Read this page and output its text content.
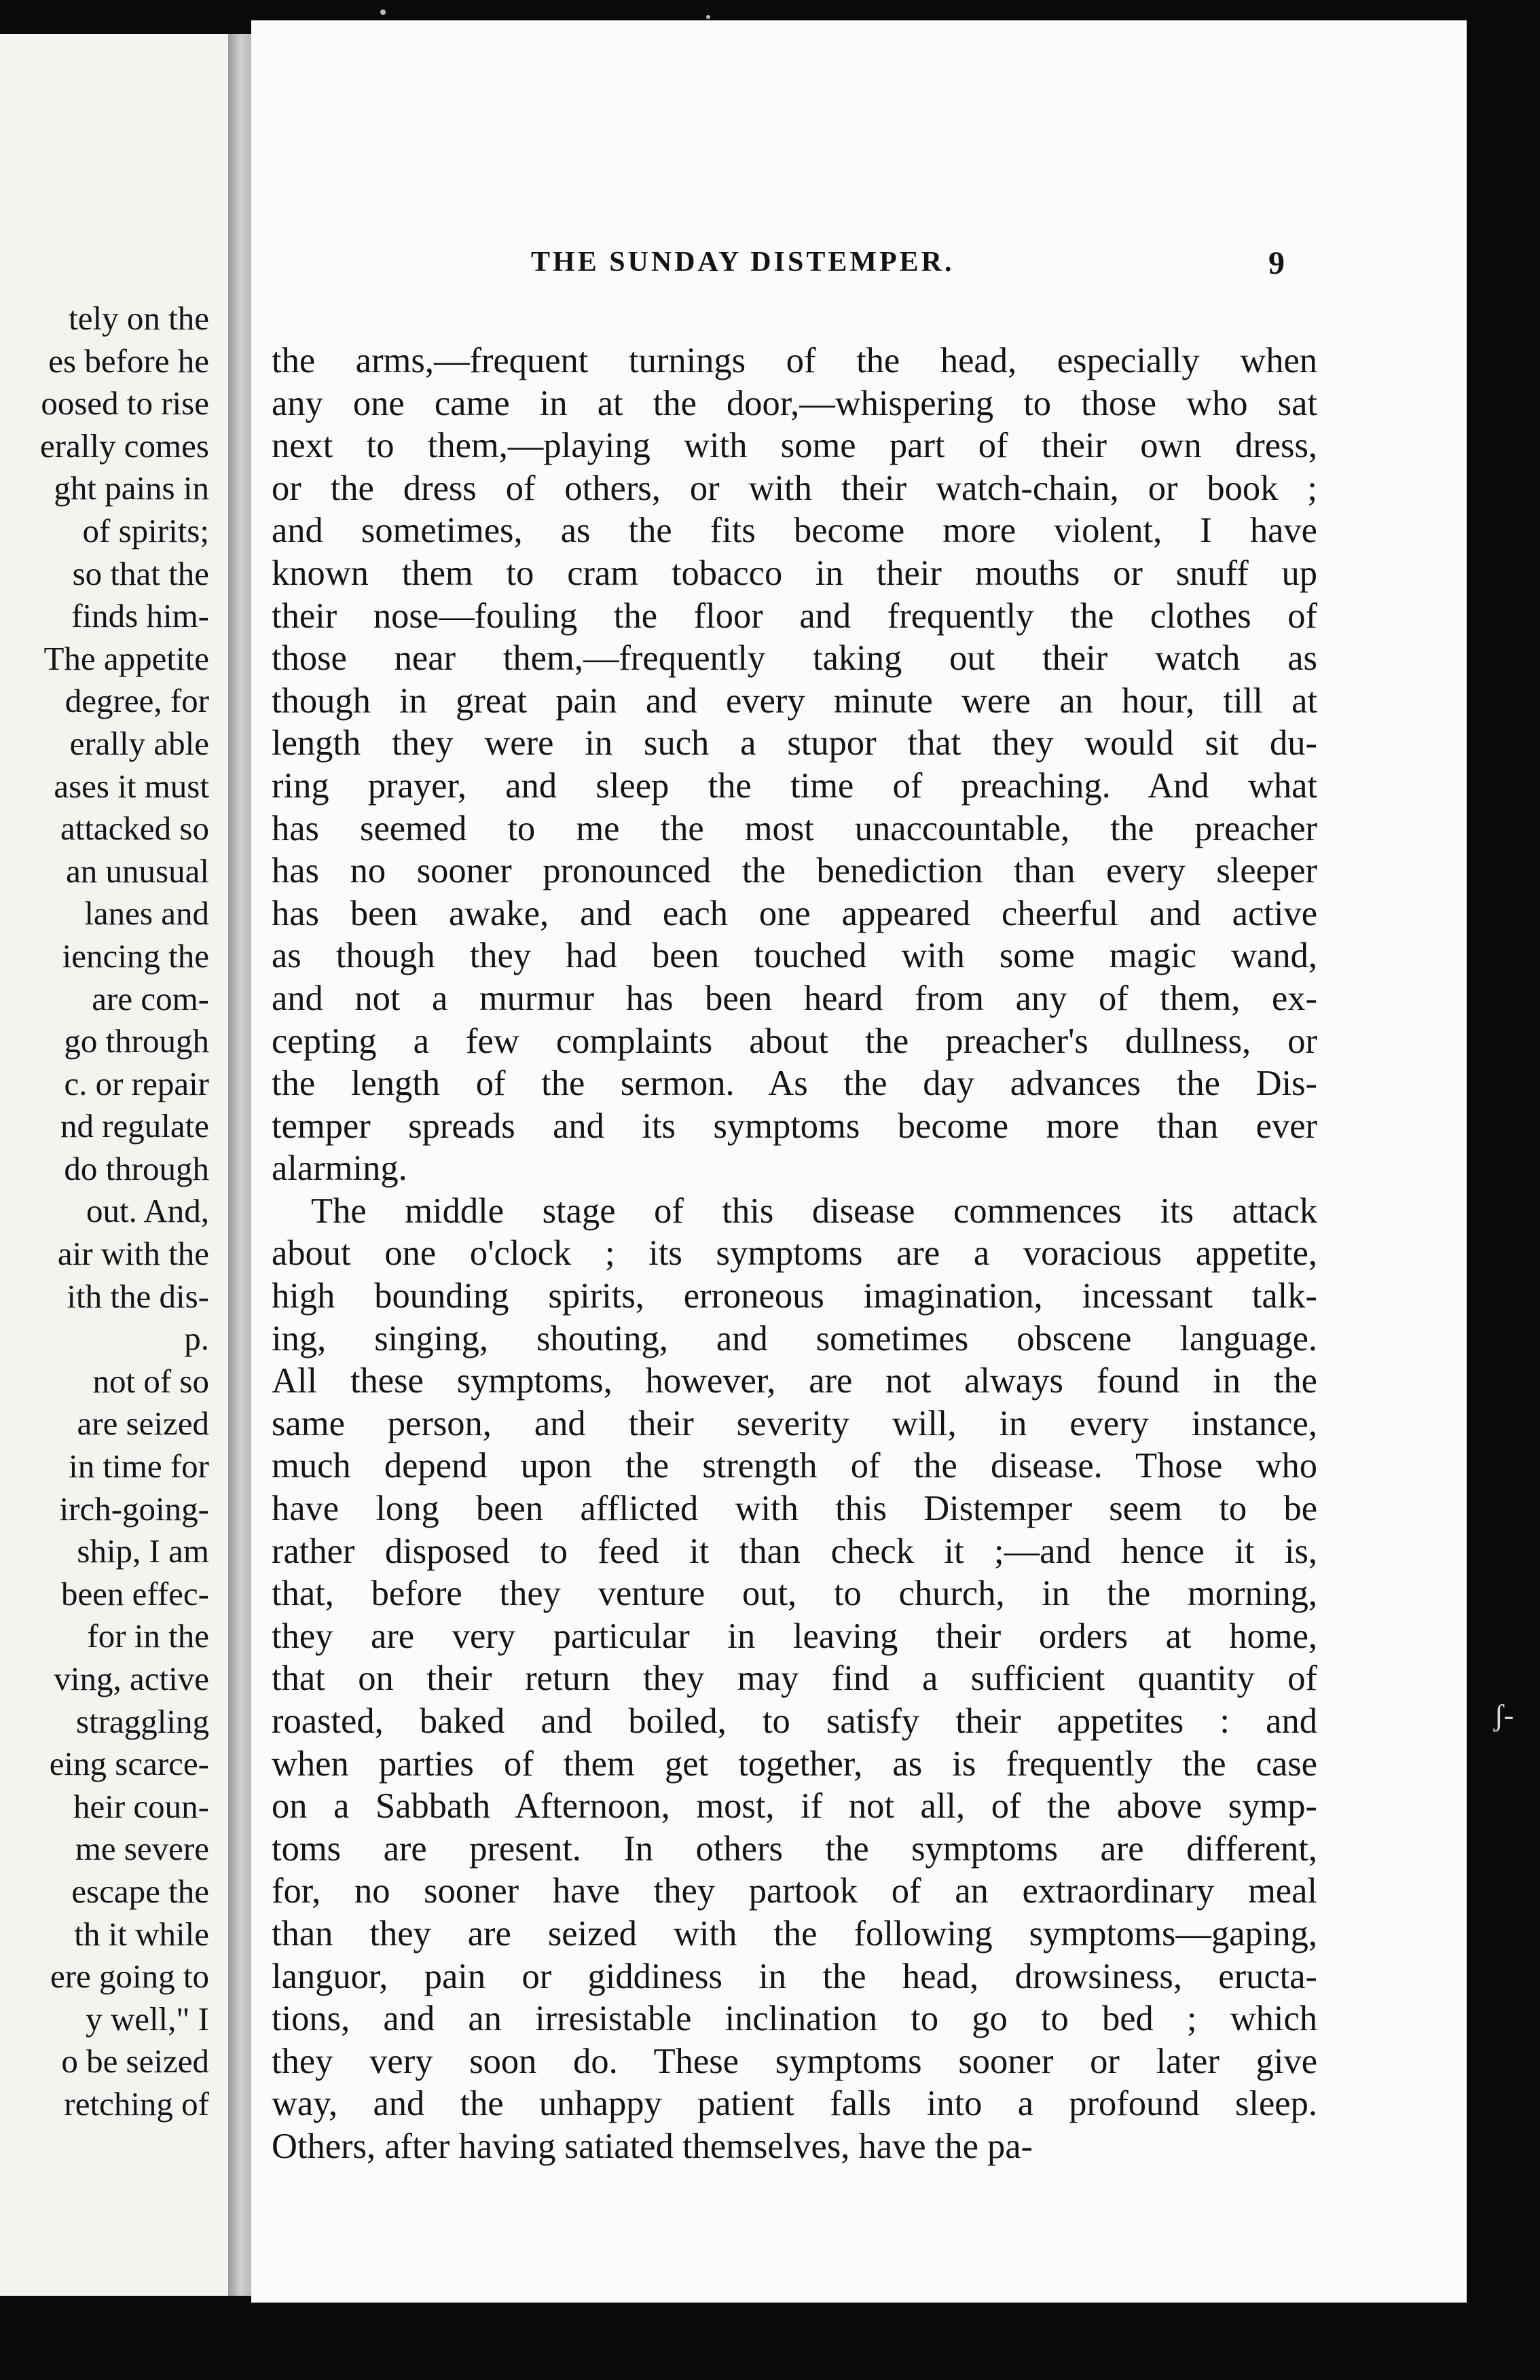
tely on the
es before he
oosed to rise
erally comes
ght pains in
of spirits;
so that the
finds him-
The appetite
degree, for
erally able
ases it must
attacked so
an unusual
lanes and
iencing the
are com-
go through
c. or repair
nd regulate
do through
out. And,
air with the
ith the dis-
p.
not of so
are seized
in time for
irch-going-
ship, I am
been effec-
for in the
ving, active
straggling
eing scarce-
heir coun-
me severe
escape the
th it while
ere going to
y well," I
o be seized
retching of
THE SUNDAY DISTEMPER.	9
the arms,—frequent turnings of the head, especially when
any one came in at the door,—whispering to those who sat
next to them,—playing with some part of their own dress,
or the dress of others, or with their watch-chain, or book ;
and sometimes, as the fits become more violent, I have
known them to cram tobacco in their mouths or snuff up
their nose—fouling the floor and frequently the clothes of
those near them,—frequently taking out their watch as
though in great pain and every minute were an hour, till at
length they were in such a stupor that they would sit du-
ring prayer, and sleep the time of preaching. And what
has seemed to me the most unaccountable, the preacher
has no sooner pronounced the benediction than every sleeper
has been awake, and each one appeared cheerful and active
as though they had been touched with some magic wand,
and not a murmur has been heard from any of them, ex-
cepting a few complaints about the preacher's dullness, or
the length of the sermon. As the day advances the Dis-
temper spreads and its symptoms become more than ever
alarming.
The middle stage of this disease commences its attack
about one o'clock ; its symptoms are a voracious appetite,
high bounding spirits, erroneous imagination, incessant talk-
ing, singing, shouting, and sometimes obscene language.
All these symptoms, however, are not always found in the
same person, and their severity will, in every instance,
much depend upon the strength of the disease. Those who
have long been afflicted with this Distemper seem to be
rather disposed to feed it than check it ;—and hence it is,
that, before they venture out, to church, in the morning,
they are very particular in leaving their orders at home,
that on their return they may find a sufficient quantity of
roasted, baked and boiled, to satisfy their appetites : and
when parties of them get together, as is frequently the case
on a Sabbath Afternoon, most, if not all, of the above symp-
toms are present. In others the symptoms are different,
for, no sooner have they partook of an extraordinary meal
than they are seized with the following symptoms—gaping,
languor, pain or giddiness in the head, drowsiness, eructa-
tions, and an irresistable inclination to go to bed ; which
they very soon do. These symptoms sooner or later give
way, and the unhappy patient falls into a profound sleep.
Others, after having satiated themselves, have the pa-
ʃ-
